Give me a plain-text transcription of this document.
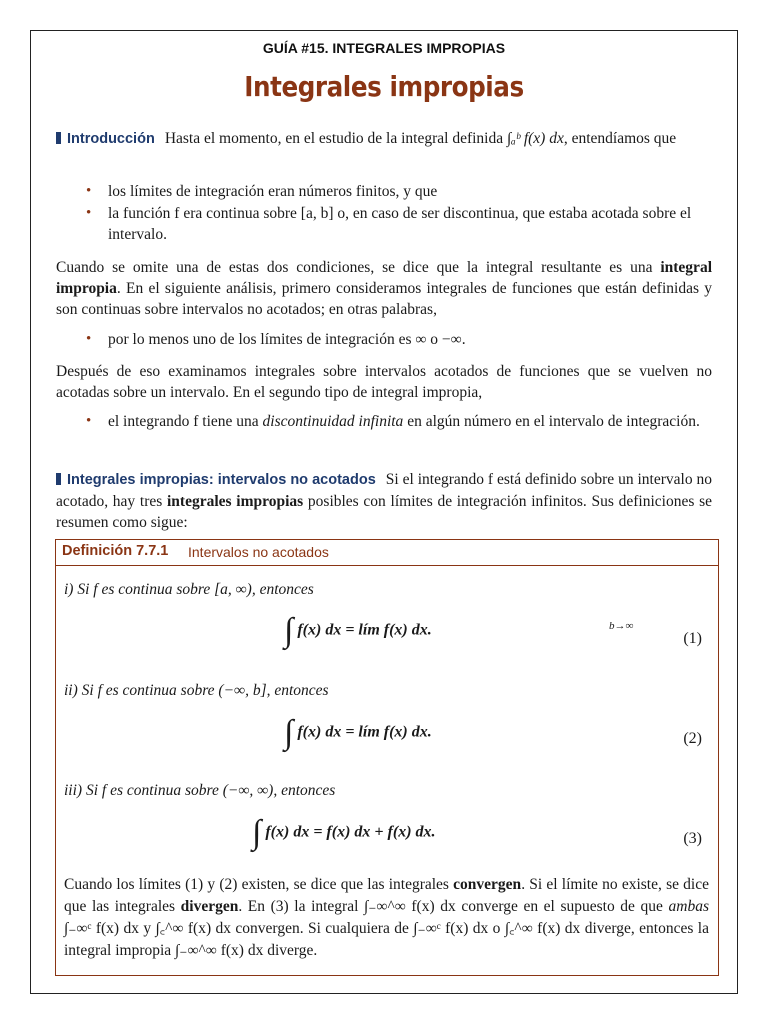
GUÍA #15. INTEGRALES IMPROPIAS
Integrales impropias
Introducción Hasta el momento, en el estudio de la integral definida ∫ₐᵇ f(x) dx, entendíamos que
• los límites de integración eran números finitos, y que
• la función f era continua sobre [a, b] o, en caso de ser discontinua, que estaba acotada sobre el intervalo.
Cuando se omite una de estas dos condiciones, se dice que la integral resultante es una integral impropia. En el siguiente análisis, primero consideramos integrales de funciones que están definidas y son continuas sobre intervalos no acotados; en otras palabras,
• por lo menos uno de los límites de integración es ∞ o −∞.
Después de eso examinamos integrales sobre intervalos acotados de funciones que se vuelven no acotadas sobre un intervalo. En el segundo tipo de integral impropia,
• el integrando f tiene una discontinuidad infinita en algún número en el intervalo de integración.
Integrales impropias: intervalos no acotados Si el integrando f está definido sobre un intervalo no acotado, hay tres integrales impropias posibles con límites de integración infinitos. Sus definiciones se resumen como sigue:
Definición 7.7.1 Intervalos no acotados
i) Si f es continua sobre [a, ∞), entonces
∫ f(x) dx = lím f(x) dx.	b→∞
(1)
ii) Si f es continua sobre (−∞, b], entonces
∫ f(x) dx = lím f(x) dx.	(2)
iii) Si f es continua sobre (−∞, ∞), entonces
∫ f(x) dx = f(x) dx + f(x) dx.	(3)
Cuando los límites (1) y (2) existen, se dice que las integrales convergen. Si el límite no existe, se dice que las integrales divergen. En (3) la integral ∫₋∞^∞ f(x) dx converge en el supuesto de que ambas ∫₋∞ᶜ f(x) dx y ∫꜀^∞ f(x) dx convergen. Si cualquiera de ∫₋∞ᶜ f(x) dx o ∫꜀^∞ f(x) dx diverge, entonces la integral impropia ∫₋∞^∞ f(x) dx diverge.
